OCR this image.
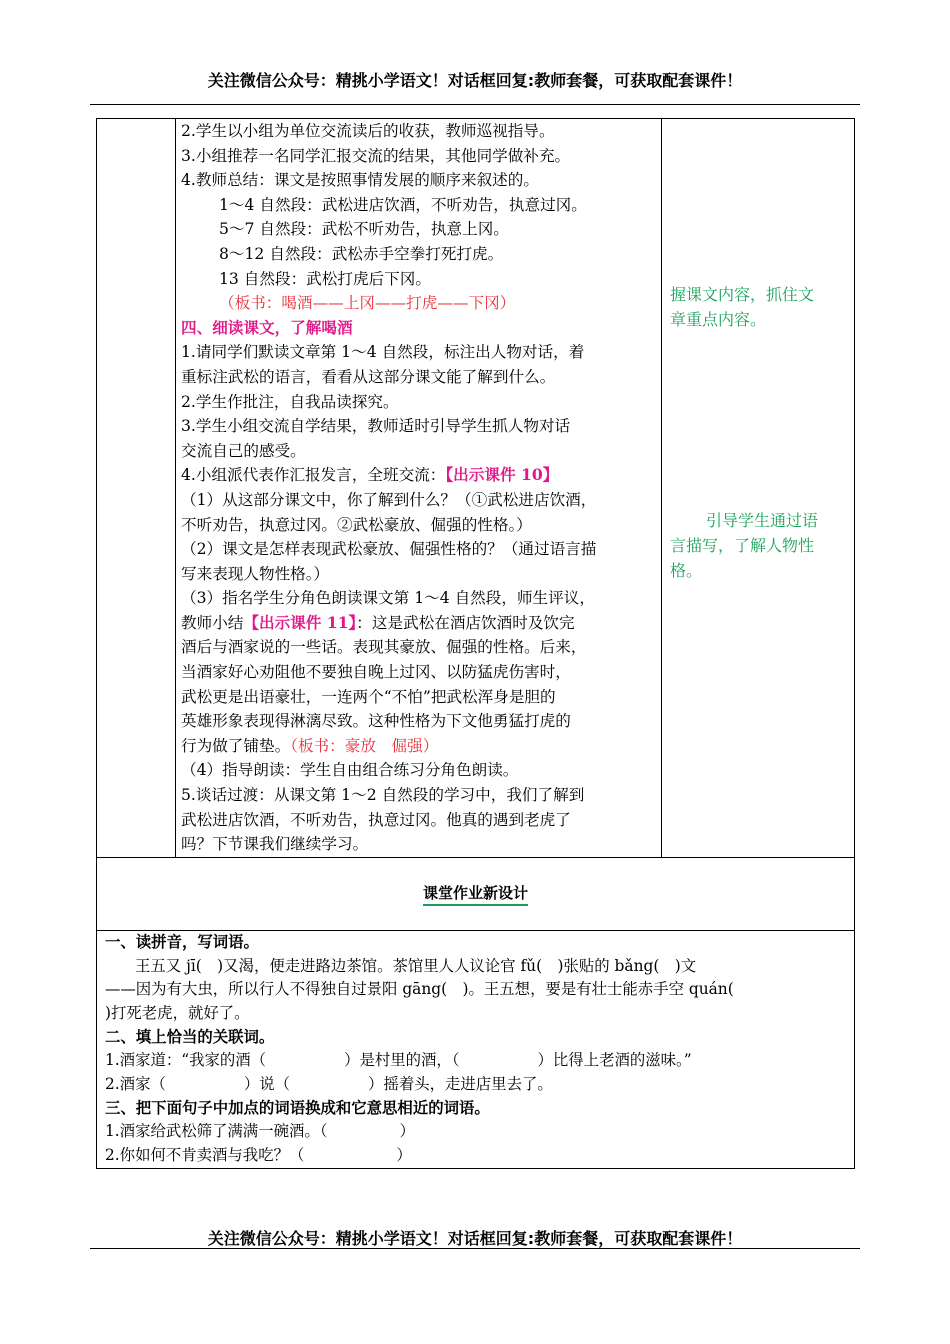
关注微信公众号：精挑小学语文！对话框回复:教师套餐，可获取配套课件！

2.学生以小组为单位交流读后的收获，教师巡视指导。
3.小组推荐一名同学汇报交流的结果，其他同学做补充。
4.教师总结：课文是按照事情发展的顺序来叙述的。
1～4 自然段：武松进店饮酒，不听劝告，执意过冈。
5～7 自然段：武松不听劝告，执意上冈。
8～12 自然段：武松赤手空拳打死打虎。
13 自然段：武松打虎后下冈。
（板书：喝酒——上冈——打虎——下冈）
四、细读课文，了解喝酒
1.请同学们默读文章第 1～4 自然段，标注出人物对话，着
重标注武松的语言，看看从这部分课文能了解到什么。
2.学生作批注，自我品读探究。
3.学生小组交流自学结果，教师适时引导学生抓人物对话
交流自己的感受。
4.小组派代表作汇报发言，全班交流：【出示课件 10】
（1）从这部分课文中，你了解到什么？（①武松进店饮酒，
不听劝告，执意过冈。②武松豪放、倔强的性格。）
（2）课文是怎样表现武松豪放、倔强性格的？（通过语言描
写来表现人物性格。）
（3）指名学生分角色朗读课文第 1～4 自然段，师生评议，
教师小结【出示课件 11】：这是武松在酒店饮酒时及饮完
酒后与酒家说的一些话。表现其豪放、倔强的性格。后来，
当酒家好心劝阻他不要独自晚上过冈、以防猛虎伤害时，
武松更是出语豪壮，一连两个“不怕”把武松浑身是胆的
英雄形象表现得淋漓尽致。这种性格为下文他勇猛打虎的
行为做了铺垫。（板书：豪放　倔强）
（4）指导朗读：学生自由组合练习分角色朗读。
5.谈话过渡：从课文第 1～2 自然段的学习中，我们了解到
武松进店饮酒，不听劝告，执意过冈。他真的遇到老虎了
吗？下节课我们继续学习。

握课文内容，抓住文
章重点内容。
引导学生通过语
言描写，了解人物性
格。

课堂作业新设计

一、读拼音，写词语。
王五又 jī(　)又渴，便走进路边茶馆。茶馆里人人议论官 fǔ(　)张贴的 bǎng(　)文
——因为有大虫，所以行人不得独自过景阳 gāng(　)。王五想，要是有壮士能赤手空 quán(
)打死老虎，就好了。
二、填上恰当的关联词。
1.酒家道：“我家的酒（	）是村里的酒，（	）比得上老酒的滋味。”
2.酒家（	）说（	）摇着头，走进店里去了。
三、把下面句子中加点的词语换成和它意思相近的词语。
1.酒家给武松筛了满满一碗酒。（	）
2.你如何不肯卖酒与我吃？（	）
关注微信公众号：精挑小学语文！对话框回复:教师套餐，可获取配套课件！
